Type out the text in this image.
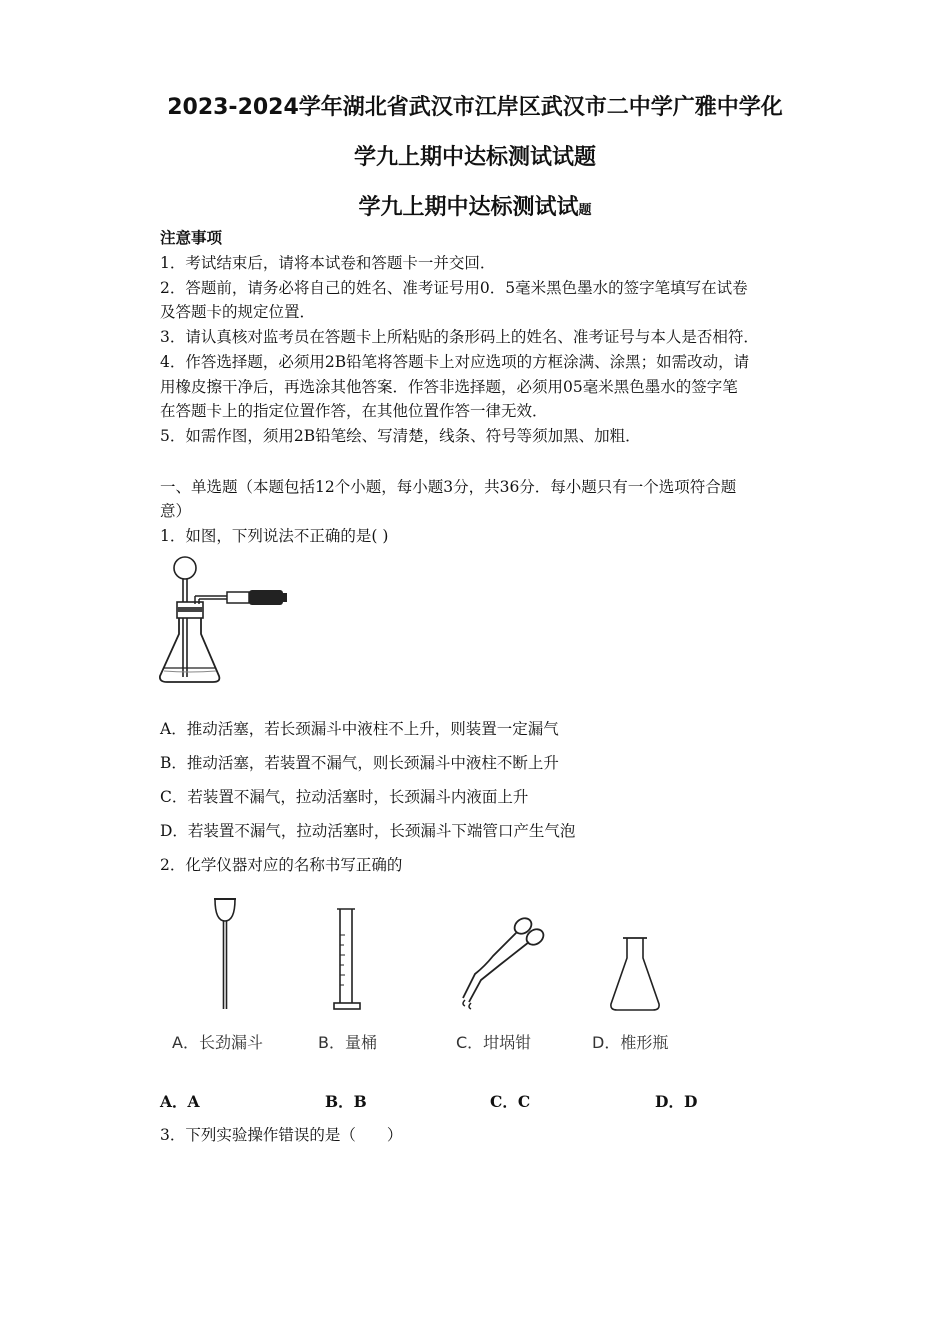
2023-2024学年湖北省武汉市江岸区武汉市二中学广雅中学化
学九上期中达标测试试题
学九上期中达标测试试题
注意事项
1．考试结束后，请将本试卷和答题卡一并交回．
2．答题前，请务必将自己的姓名、准考证号用0．5毫米黑色墨水的签字笔填写在试卷
及答题卡的规定位置．
3．请认真核对监考员在答题卡上所粘贴的条形码上的姓名、准考证号与本人是否相符．
4．作答选择题，必须用2B铅笔将答题卡上对应选项的方框涂满、涂黑；如需改动，请
用橡皮擦干净后，再选涂其他答案．作答非选择题，必须用05毫米黑色墨水的签字笔
在答题卡上的指定位置作答，在其他位置作答一律无效．
5．如需作图，须用2B铅笔绘、写清楚，线条、符号等须加黑、加粗．
一、单选题（本题包括12个小题，每小题3分，共36分．每小题只有一个选项符合题
意）
1．如图，下列说法不正确的是( )
A．推动活塞，若长颈漏斗中液柱不上升，则装置一定漏气
B．推动活塞，若装置不漏气，则长颈漏斗中液柱不断上升
C．若装置不漏气，拉动活塞时，长颈漏斗内液面上升
D．若装置不漏气，拉动活塞时，长颈漏斗下端管口产生气泡
2．化学仪器对应的名称书写正确的
A．长劲漏斗	B．量桶	C．坩埚钳	D．椎形瓶
A．A	B．B	C．C	D．D
3．下列实验操作错误的是（　　）
